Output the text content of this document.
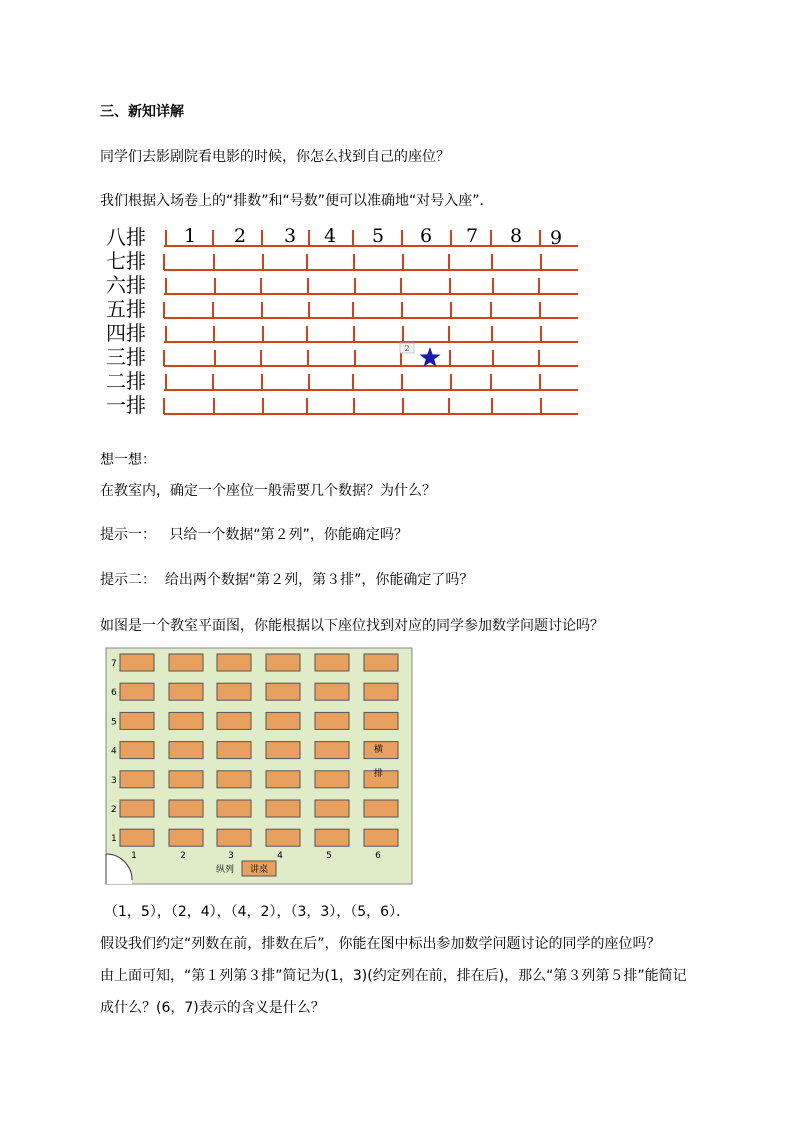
三、新知详解
同学们去影剧院看电影的时候，你怎么找到自己的座位？
我们根据入场卷上的“排数”和“号数”便可以准确地“对号入座”．
八排
七排
六排
五排
四排
三排
二排
一排
1 2 3 4 5 6 7 8 9
2
想一想：
在教室内，确定一个座位一般需要几个数据？为什么？
提示一：   只给一个数据“第２列”，你能确定吗？
提示二：  给出两个数据“第２列，第３排”，你能确定了吗？
如图是一个教室平面图，你能根据以下座位找到对应的同学参加数学问题讨论吗？
7
6
5
4
3
2
1
1	2	3	4	5	6
横
排
纵列 讲桌
（1，5），（2，4），（4，2），（3，3），（5，6）．
假设我们约定“列数在前，排数在后”，你能在图中标出参加数学问题讨论的同学的座位吗？
由上面可知，“第１列第３排”简记为(1，3)(约定列在前，排在后)，那么“第３列第５排”能简记
成什么？(6，7)表示的含义是什么？
